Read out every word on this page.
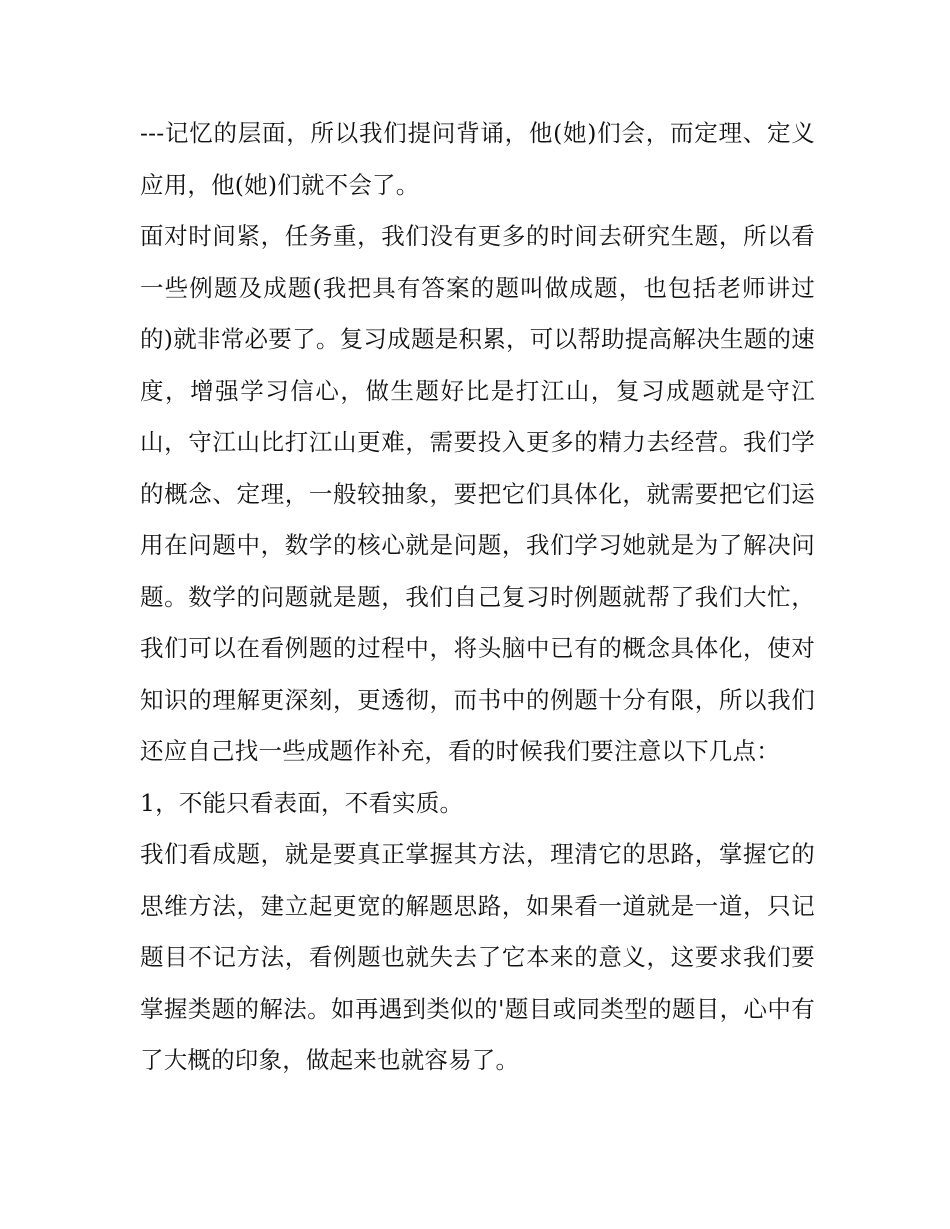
---记忆的层面，所以我们提问背诵，他(她)们会，而定理、定义应用，他(她)们就不会了。

面对时间紧，任务重，我们没有更多的时间去研究生题，所以看一些例题及成题(我把具有答案的题叫做成题，也包括老师讲过的)就非常必要了。复习成题是积累，可以帮助提高解决生题的速度，增强学习信心，做生题好比是打江山，复习成题就是守江山，守江山比打江山更难，需要投入更多的精力去经营。我们学的概念、定理，一般较抽象，要把它们具体化，就需要把它们运用在问题中，数学的核心就是问题，我们学习她就是为了解决问题。数学的问题就是题，我们自己复习时例题就帮了我们大忙，我们可以在看例题的过程中，将头脑中已有的概念具体化，使对知识的理解更深刻，更透彻，而书中的例题十分有限，所以我们还应自己找一些成题作补充，看的时候我们要注意以下几点：

1，不能只看表面，不看实质。

我们看成题，就是要真正掌握其方法，理清它的思路，掌握它的思维方法，建立起更宽的解题思路，如果看一道就是一道，只记题目不记方法，看例题也就失去了它本来的意义，这要求我们要掌握类题的解法。如再遇到类似的'题目或同类型的题目，心中有了大概的印象，做起来也就容易了。
